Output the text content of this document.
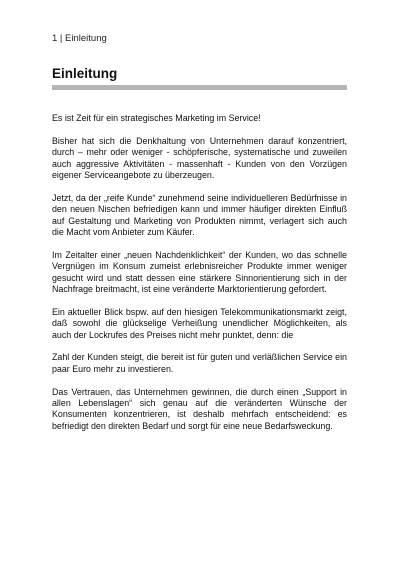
1 | Einleitung
Einleitung

Es ist Zeit für ein strategisches Marketing im Service!

Bisher hat sich die Denkhaltung von Unternehmen darauf konzentriert, durch – mehr oder weniger - schöpferische, systematische und zuweilen auch aggressive Aktivitäten - massenhaft - Kunden von den Vorzügen eigener Serviceangebote zu überzeugen.

Jetzt, da der „reife Kunde“ zunehmend seine individuelleren Bedürfnisse in den neuen Nischen befriedigen kann und immer häufiger direkten Einfluß auf Gestaltung und Marketing von Produkten nimmt, verlagert sich auch die Macht vom Anbieter zum Käufer.

Im Zeitalter einer „neuen Nachdenklichkeit“ der Kunden, wo das schnelle Vergnügen im Konsum zumeist erlebnisreicher Produkte immer weniger gesucht wird und statt dessen eine stärkere Sinnorientierung sich in der Nachfrage breitmacht, ist eine veränderte Marktorientierung gefordert.

Ein aktueller Blick bspw. auf den hiesigen Telekommunikationsmarkt zeigt, daß sowohl die glückselige Verheißung unendlicher Möglichkeiten, als auch der Lockrufes des Preises nicht mehr punktet, denn: die

Zahl der Kunden steigt, die bereit ist für guten und verläßlichen Service ein paar Euro mehr zu investieren.

Das Vertrauen, das Unternehmen gewinnen, die durch einen „Support in allen Lebenslagen“ sich genau auf die veränderten Wünsche der Konsumenten konzentrieren, ist deshalb mehrfach entscheidend: es befriedigt den direkten Bedarf und sorgt für eine neue Bedarfsweckung.
